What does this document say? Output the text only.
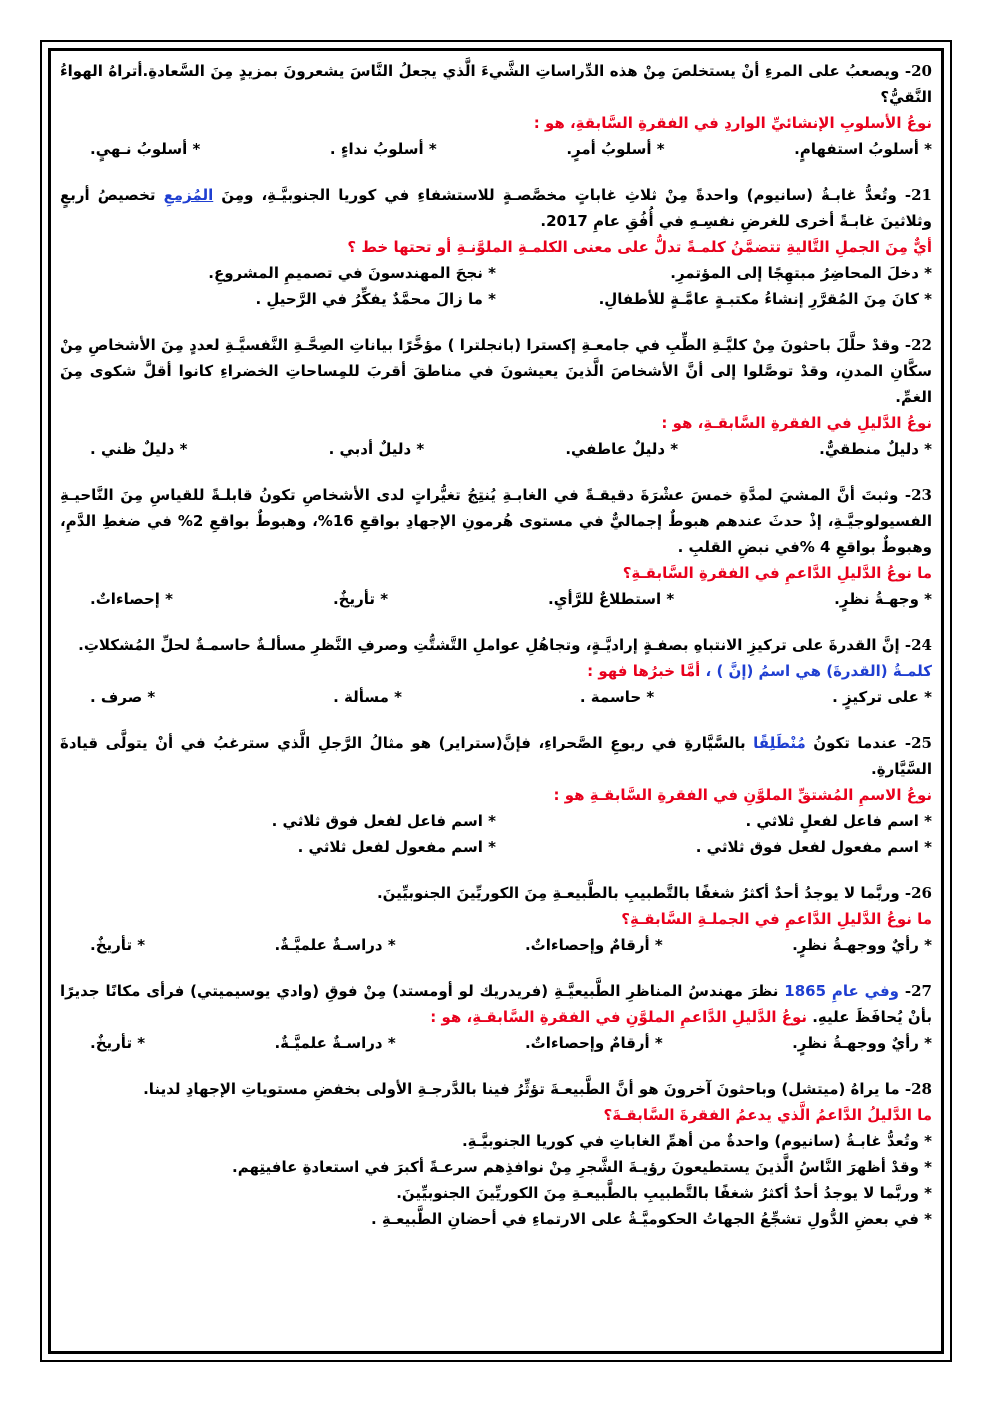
20- ويصعبُ على المرءِ أنْ يستخلصَ مِنْ هذه الدِّراساتِ الشَّيءَ الَّذي يجعلُ النَّاسَ يشعرونَ بمزيدٍ مِنَ السَّعادةِ.أتراهُ الهواءُ النَّقيُّ؟

نوعُ الأسلوبِ الإنشائيِّ الواردِ في الفقرةِ السَّابقةِ، هو :

* أسلوبُ استفهامٍ.
* أسلوبُ أمرٍ.
* أسلوبُ نداءٍ .
* أسلوبُ نـهيٍ.

21- وتُعدُّ غابـةُ (سانيوم) واحدةً مِنْ ثلاثِ غاباتٍ مخصَّصـةٍ للاستشفاءِ في كوريا الجنوبيَّـةِ، ومِنَ المُزمعِ تخصيصُ أربعٍ وثلاثينَ غابـةً أخرى للغرضِ نفسِـهِ في أُفُقِ عامِ 2017.

أيٌّ مِنَ الجملِ التَّاليةِ تتضمَّنُ كلمـةً تدلُّ على معنى الكلمـةِ الملوَّنـةِ أو تحتها خط ؟

* دخلَ المحاضِرُ مبتهِجًا إلى المؤتمرِ.
* نجحَ المهندسونَ في تصميمِ المشروعِ.
* كانَ مِنَ المُقرَّرِ إنشاءُ مكتبـةٍ عامَّـةٍ للأطفالِ.
* ما زالَ محمَّدٌ يفكِّرُ في الرَّحيلِ .

22- وقدْ حلَّلَ باحثونَ مِنْ كليَّـةِ الطِّبِ في جامعـةِ إكسترا (بانجلترا ) مؤخَّرًا بياناتِ الصِحَّـةِ النَّفسيَّـةِ لعددٍ مِنَ الأشخاصِ مِنْ سكَّانِ المدنِ، وقدْ توصَّلوا إلى أنَّ الأشخاصَ الَّذينَ يعيشونَ في مناطقَ أقربَ للمِساحاتِ الخضراءِ كانوا أقلَّ شكوى مِنَ الغمِّ.

نوعُ الدَّليلِ في الفقرةِ السَّابقـةِ، هو :

* دليلٌ منطقيٌّ.
* دليلٌ عاطفي.
* دليلٌ أدبي .
* دليلٌ ظني .

23- وثبتَ أنَّ المشيَ لمدَّةِ خمسَ عشْرَةَ دقيقـةً في الغابـةِ يُنتِجُ تغيُّراتٍ لدى الأشخاصِ تكونُ قابلـةً للقياسِ مِنَ النَّاحيـةِ الفسيولوجيَّـةِ، إذْ حدثَ عندهم هبوطٌ إجماليٌّ في مستوى هُرمونِ الإجهادِ بواقعِ 16%، وهبوطٌ بواقعِ 2% في ضغطِ الدَّمِ، وهبوطٌ بواقعِ 4 %في نبضِ القلبِ .

ما نوعُ الدَّليلِ الدَّاعمِ في الفقرةِ السَّابقـةِ؟

* وجهـةُ نظرٍ.
* استطلاعٌ للرَّأيِ.
* تأريخٌ.
* إحصاءاتٌ.

24- إنَّ القدرةَ على تركيزِ الانتباهِ بصفـةٍ إراديَّـةٍ، وتجاهُلِ عواملِ التَّشتُّتِ وصرفِ النَّظرِ مسألـةٌ حاسمـةٌ لحلِّ المُشكلاتِ.

كلمـةُ (القدرةَ) هي اسمُ (إنَّ ) ، أمَّا خبرُها فهو :

* على تركيزٍ .
* حاسمة .
* مسألة .
* صرف .

25- عندما تكونُ مُنْطَلِقًا بالسَّيَّارةِ في ربوعِ الصَّحراءِ، فإنَّ(ستراير) هو مثالُ الرَّجلِ الَّذي سترغبُ في أنْ يتولَّى قيادةَ السَّيَّارةِ.

نوعُ الاسمِ المُشتقِّ الملوَّنِ في الفقرةِ السَّابقـةِ هو :

* اسم فاعل لفعلٍ ثلاثي .
* اسم فاعل لفعل فوق ثلاثي .
* اسم مفعول لفعل فوق ثلاثي .
* اسم مفعول لفعل ثلاثي .

26- وربَّما لا يوجدُ أحدٌ أكثرُ شغفًا بالتَّطبيبِ بالطَّبيعـةِ مِنَ الكوريِّينَ الجنوبيِّينَ.

ما نوعُ الدَّليلِ الدَّاعمِ في الجملـةِ السَّابقـةِ؟

* رأيٌ ووجهـةُ نظرٍ.
* أرقامٌ وإحصاءاتٌ.
* دراسـةٌ علميَّـةٌ.
* تأريخٌ.

27- وفي عامِ 1865 نظرَ مهندسُ المناظرِ الطَّبيعيَّـةِ (فريدريك لو أومستد) مِنْ فوقِ (وادي يوسيميتي) فرأى مكانًا جديرًا بأنْ يُحافَظَ عليهِ. نوعُ الدَّليلِ الدَّاعمِ الملوَّنِ في الفقرةِ السَّابقـةِ، هو :

* رأيٌ ووجهـةُ نظرٍ.
* أرقامٌ وإحصاءاتٌ.
* دراسـةٌ علميَّـةٌ.
* تأريخٌ.

28- ما يراهُ (ميتشل) وباحثونَ آخرونَ هو أنَّ الطَّبيعـةَ تؤثِّرُ فينا بالدَّرجـةِ الأولى بخفضِ مستوياتِ الإجهادِ لدينا.

ما الدَّليلُ الدَّاعمُ الَّذي يدعمُ الفقرةَ السَّابقـةَ؟

* وتُعدُّ غابـةُ (سانيوم) واحدةٌ من أهمِّ الغاباتِ في كوريا الجنوبيَّـةِ.

* وقدْ أظهرَ النَّاسُ الَّذينَ يستطيعونَ رؤيـةَ الشَّجرِ مِنْ نوافذِهم سرعـةً أكبرَ في استعادةِ عافيتِهم.

* وربَّما لا يوجدُ أحدٌ أكثرُ شغفًا بالتَّطبيبِ بالطَّبيعـةِ مِنَ الكوريِّينَ الجنوبيِّينَ.

* في بعضِ الدُّولِ تشجِّعُ الجهاتُ الحكوميَّـةُ على الارتماءِ في أحضانِ الطَّبيعـةِ .
